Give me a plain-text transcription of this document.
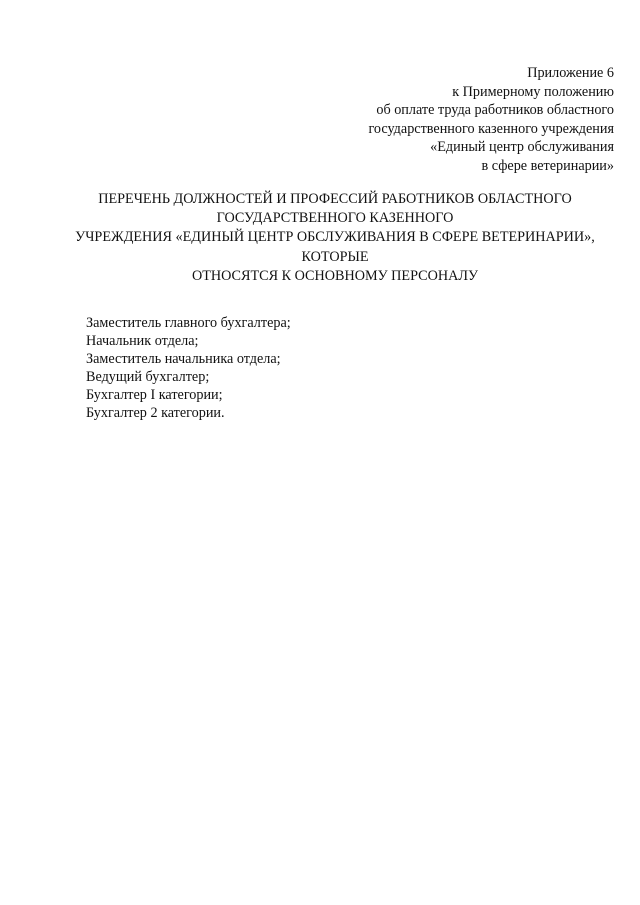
Приложение 6
к Примерному положению
об оплате труда работников областного
государственного казенного учреждения
«Единый центр обслуживания
в сфере ветеринарии»
ПЕРЕЧЕНЬ ДОЛЖНОСТЕЙ И ПРОФЕССИЙ РАБОТНИКОВ ОБЛАСТНОГО
ГОСУДАРСТВЕННОГО КАЗЕННОГО
УЧРЕЖДЕНИЯ «ЕДИНЫЙ ЦЕНТР ОБСЛУЖИВАНИЯ В СФЕРЕ ВЕТЕРИНАРИИ»,
КОТОРЫЕ
ОТНОСЯТСЯ К ОСНОВНОМУ ПЕРСОНАЛУ
Заместитель главного бухгалтера;
Начальник отдела;
Заместитель начальника отдела;
Ведущий бухгалтер;
Бухгалтер I категории;
Бухгалтер 2 категории.
